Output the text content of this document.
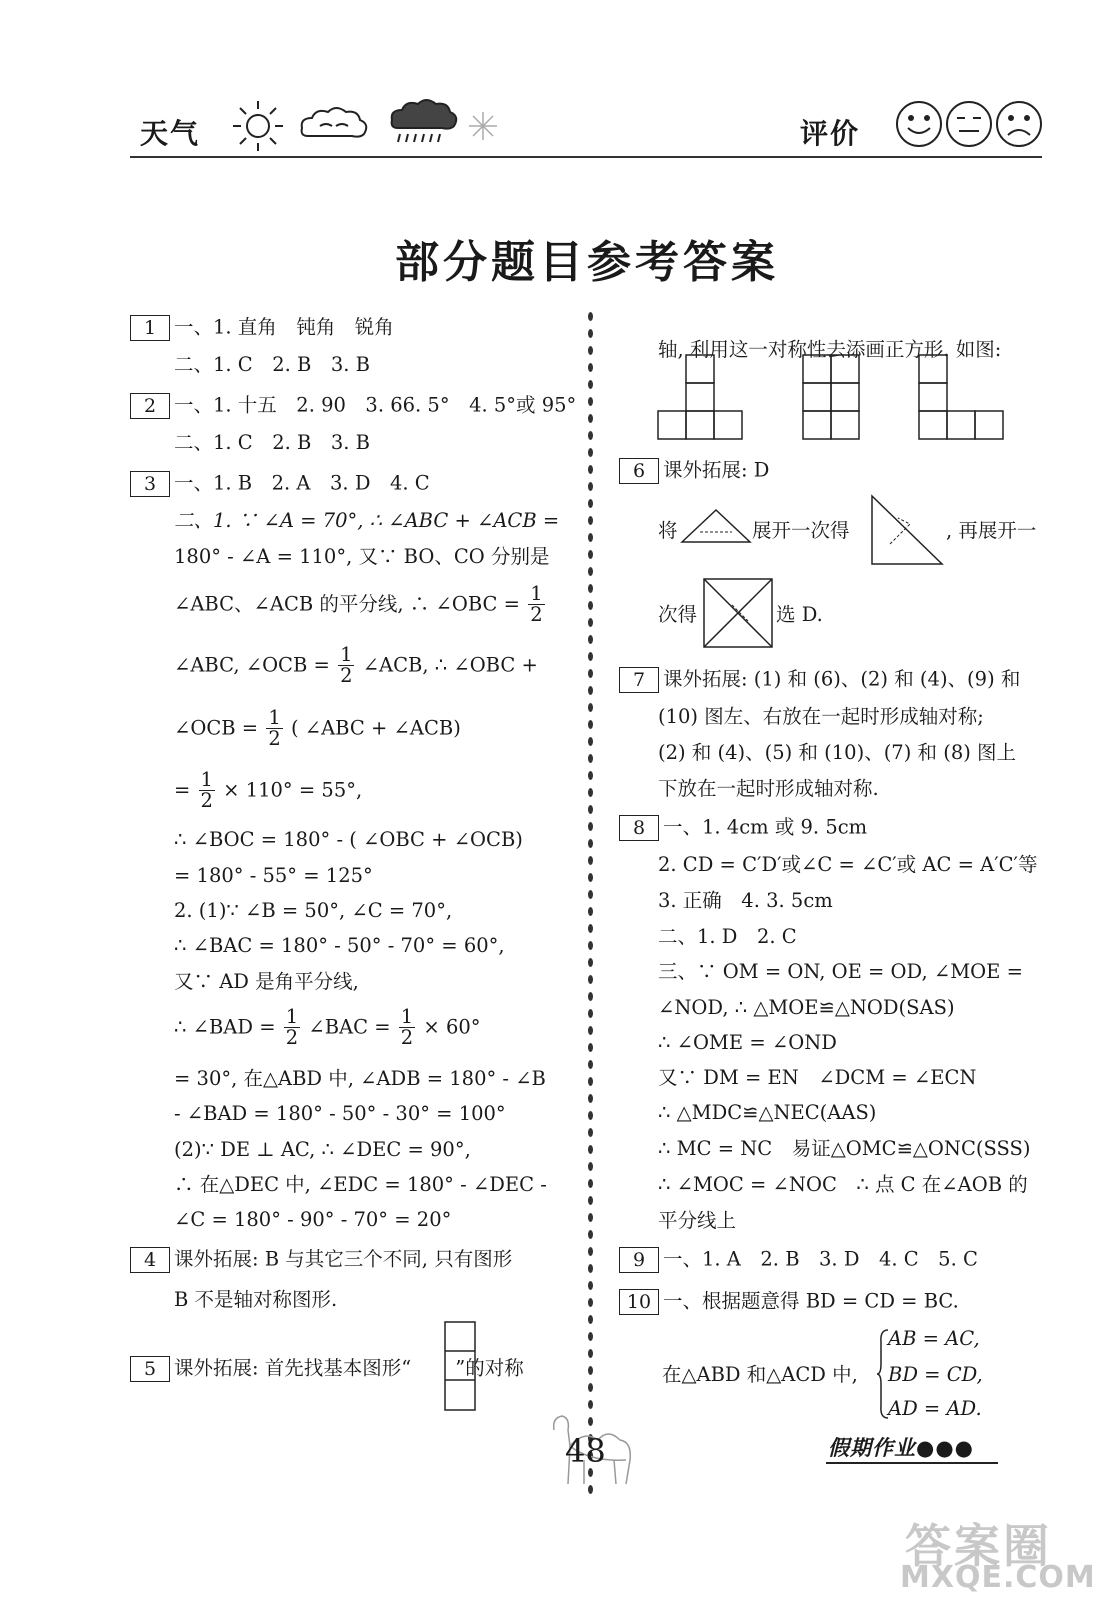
天气	评价
部分题目参考答案
1 一、1. 直角　钝角　锐角
二、1. C　2. B　3. B
2 一、1. 十五　2. 90　3. 66. 5°　4. 5°或 95°
二、1. C　2. B　3. B
3 一、1. B　2. A　3. D　4. C
二、1. ∵ ∠A = 70°, ∴ ∠ABC + ∠ACB =
180° - ∠A = 110°, 又∵ BO、CO 分别是
∠ABC、∠ACB 的平分线, ∴ ∠OBC = $\frac{1}{2}$
∠ABC, ∠OCB = $\frac{1}{2}$ ∠ACB, ∴ ∠OBC +
∠OCB = $\frac{1}{2}$ ( ∠ABC + ∠ACB)
= $\frac{1}{2} \times 110^\circ = 55^\circ$,
∴ ∠BOC = 180° - ( ∠OBC + ∠OCB)
= 180° - 55° = 125°
2. (1)∵ ∠B = 50°, ∠C = 70°,
∴ ∠BAC = 180° - 50° - 70° = 60°,
又∵ AD 是角平分线,
∴ ∠BAD = $\frac{1}{2}$ ∠BAC = $\frac{1}{2} \times 60^\circ$
= 30°, 在△ABD 中, ∠ADB = 180° - ∠B
- ∠BAD = 180° - 50° - 30° = 100°
(2)∵ DE ⊥ AC, ∴ ∠DEC = 90°,
∴ 在△DEC 中, ∠EDC = 180° - ∠DEC -
∠C = 180° - 90° - 70° = 20°
4 课外拓展: B 与其它三个不同, 只有图形
B 不是轴对称图形.
5 课外拓展: 首先找基本图形“ ”的对称
轴, 利用这一对称性去添画正方形. 如图:
6 课外拓展: D
将	展开一次得	, 再展开一
次得	选 D.
7 课外拓展: (1) 和 (6)、(2) 和 (4)、(9) 和
(10) 图左、右放在一起时形成轴对称;
(2) 和 (4)、(5) 和 (10)、(7) 和 (8) 图上
下放在一起时形成轴对称.
8 一、1. 4cm 或 9. 5cm
2. CD = C′D′或∠C = ∠C′或 AC = A′C′等
3. 正确　4. 3. 5cm
二、1. D　2. C
三、∵ OM = ON, OE = OD, ∠MOE =
∠NOD, ∴ △MOE≌△NOD(SAS)
∴ ∠OME = ∠OND
又∵ DM = EN　∠DCM = ∠ECN
∴ △MDC≌△NEC(AAS)
∴ MC = NC　易证△OMC≌△ONC(SSS)
∴ ∠MOC = ∠NOC　∴ 点 C 在∠AOB 的
平分线上
9 一、1. A　2. B　3. D　4. C　5. C
10 一、根据题意得 BD = CD = BC.
在△ABD 和△ACD 中,
AB = AC,
BD = CD,
AD = AD.
48	假期作业●●●
答案圈
MXQE.COM
